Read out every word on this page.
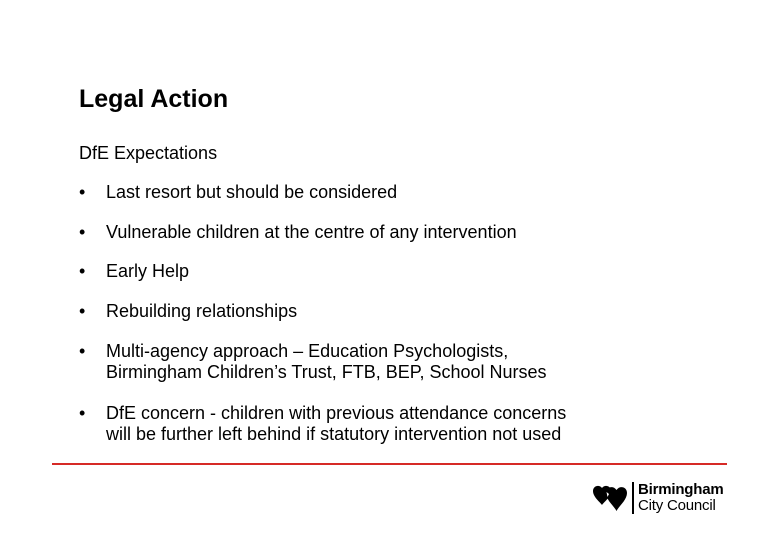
Legal Action
DfE Expectations
• Last resort but should be considered
• Vulnerable children at the centre of any intervention
• Early Help
• Rebuilding relationships
• Multi-agency approach – Education Psychologists,
Birmingham Children’s Trust, FTB, BEP, School Nurses
• DfE concern - children with previous attendance concerns
will be further left behind if statutory intervention not used
Birmingham
City Council
